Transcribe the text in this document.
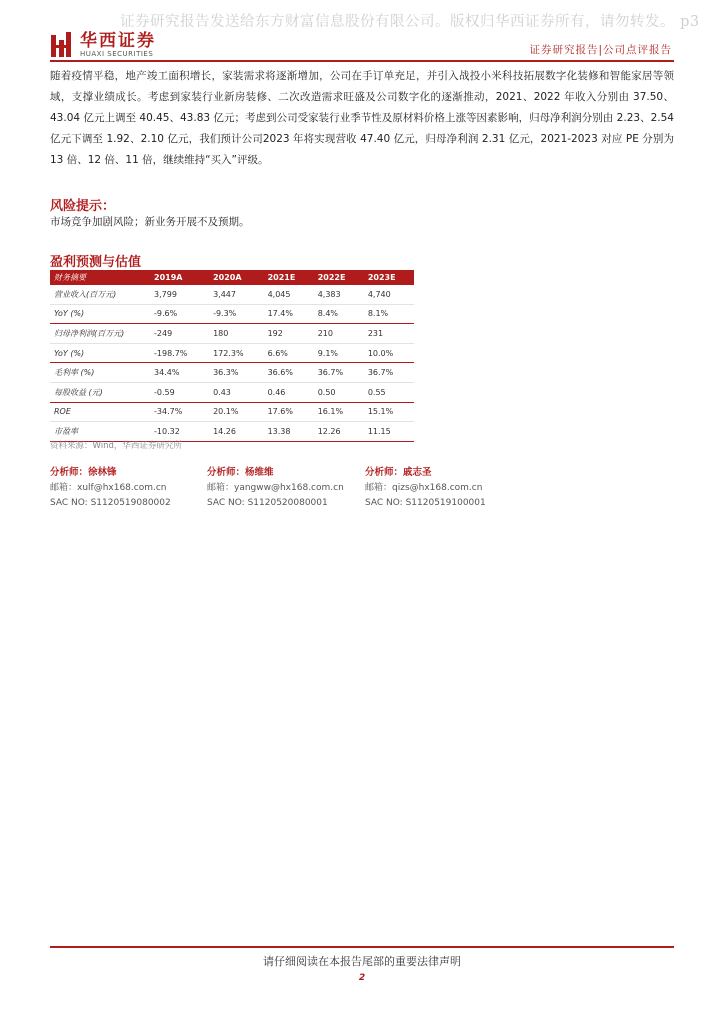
证券研究报告发送给东方财富信息股份有限公司。版权归华西证券所有，请勿转发。 p3
华西证券
HUAXI SECURITIES	证券研究报告|公司点评报告

随着疫情平稳，地产竣工面积增长，家装需求将逐渐增加，公司在手订单充足，并引入战投小米科技拓展数字化装修和智能家居等领域，支撑业绩成长。考虑到家装行业新房装修、二次改造需求旺盛及公司数字化的逐渐推动，2021、2022 年收入分别由 37.50、43.04 亿元上调至 40.45、43.83 亿元；考虑到公司受家装行业季节性及原材料价格上涨等因素影响，归母净利润分别由 2.23、2.54 亿元下调至 1.92、2.10 亿元，我们预计公司2023 年将实现营收 47.40 亿元，归母净利润 2.31 亿元，2021-2023 对应 PE 分别为 13 倍、12 倍、11 倍，继续维持“买入”评级。

风险提示：
市场竞争加剧风险；新业务开展不及预期。
盈利预测与估值
财务摘要	2019A	2020A	2021E	2022E	2023E
营业收入(百万元)	3,799	3,447	4,045	4,383	4,740
YoY (%)	-9.6%	-9.3%	17.4%	8.4%	8.1%
归母净利润(百万元)	-249	180	192	210	231
YoY (%)	-198.7%	172.3%	6.6%	9.1%	10.0%
毛利率 (%)	34.4%	36.3%	36.6%	36.7%	36.7%
每股收益 (元)	-0.59	0.43	0.46	0.50	0.55
ROE	-34.7%	20.1%	17.6%	16.1%	15.1%
市盈率	-10.32	14.26	13.38	12.26	11.15
资料来源：Wind，华西证券研究所
分析师：徐林锋
邮箱：xulf@hx168.com.cn
SAC NO: S1120519080002
分析师：杨维维
邮箱：yangww@hx168.com.cn
SAC NO: S1120520080001
分析师：戚志圣
邮箱：qizs@hx168.com.cn
SAC NO: S1120519100001
请仔细阅读在本报告尾部的重要法律声明
2
